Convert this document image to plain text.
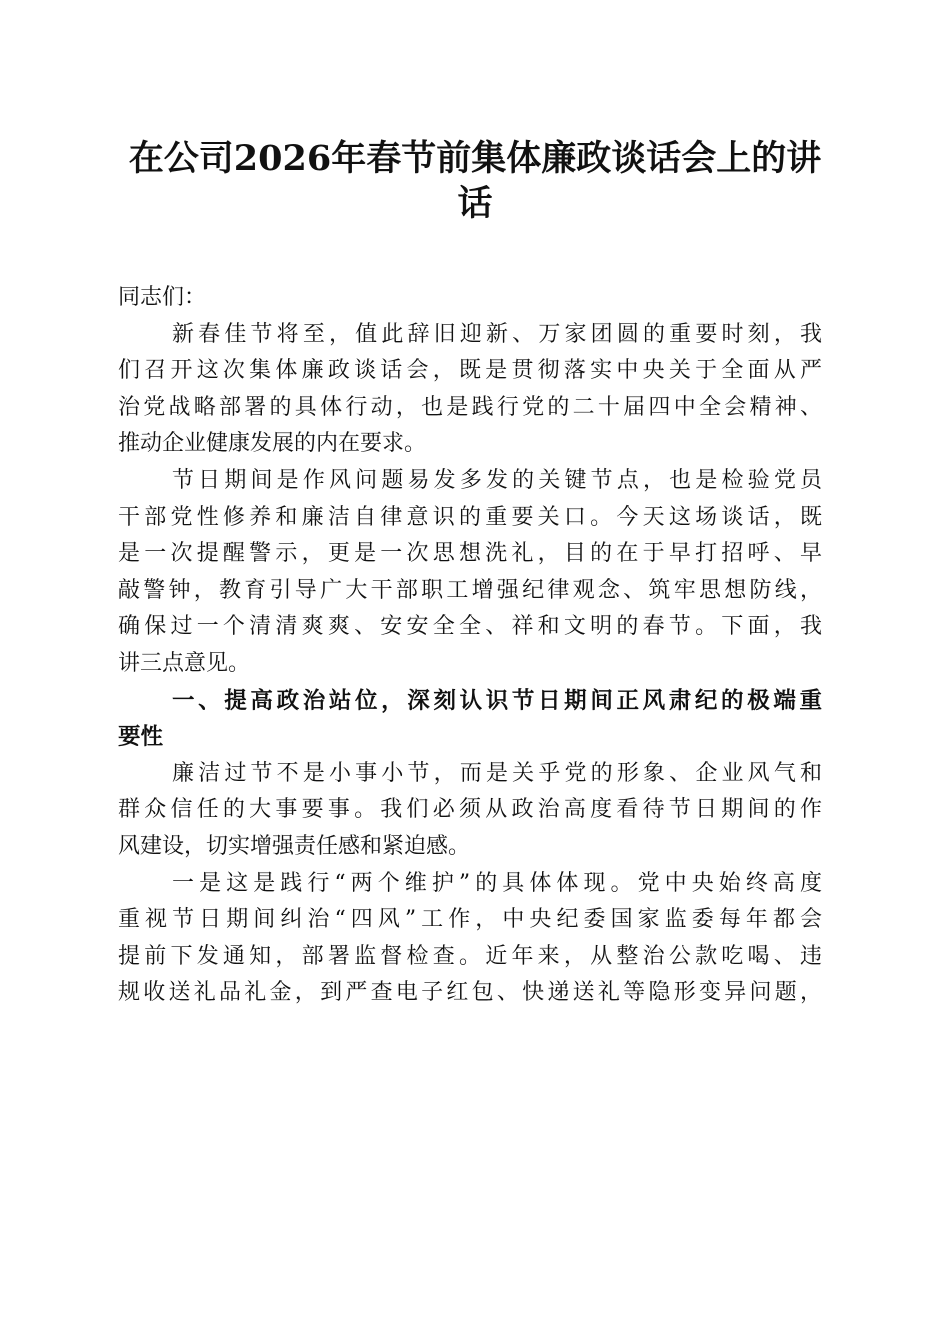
在公司2026年春节前集体廉政谈话会上的讲
话
同志们：
新春佳节将至，值此辞旧迎新、万家团圆的重要时刻，我
们召开这次集体廉政谈话会，既是贯彻落实中央关于全面从严
治党战略部署的具体行动，也是践行党的二十届四中全会精神、
推动企业健康发展的内在要求。
节日期间是作风问题易发多发的关键节点，也是检验党员
干部党性修养和廉洁自律意识的重要关口。今天这场谈话，既
是一次提醒警示，更是一次思想洗礼，目的在于早打招呼、早
敲警钟，教育引导广大干部职工增强纪律观念、筑牢思想防线，
确保过一个清清爽爽、安安全全、祥和文明的春节。下面，我
讲三点意见。
一、提高政治站位，深刻认识节日期间正风肃纪的极端重
要性
廉洁过节不是小事小节，而是关乎党的形象、企业风气和
群众信任的大事要事。我们必须从政治高度看待节日期间的作
风建设，切实增强责任感和紧迫感。
一是这是践行“两个维护”的具体体现。党中央始终高度
重视节日期间纠治“四风”工作，中央纪委国家监委每年都会
提前下发通知，部署监督检查。近年来，从整治公款吃喝、违
规收送礼品礼金，到严查电子红包、快递送礼等隐形变异问题，
